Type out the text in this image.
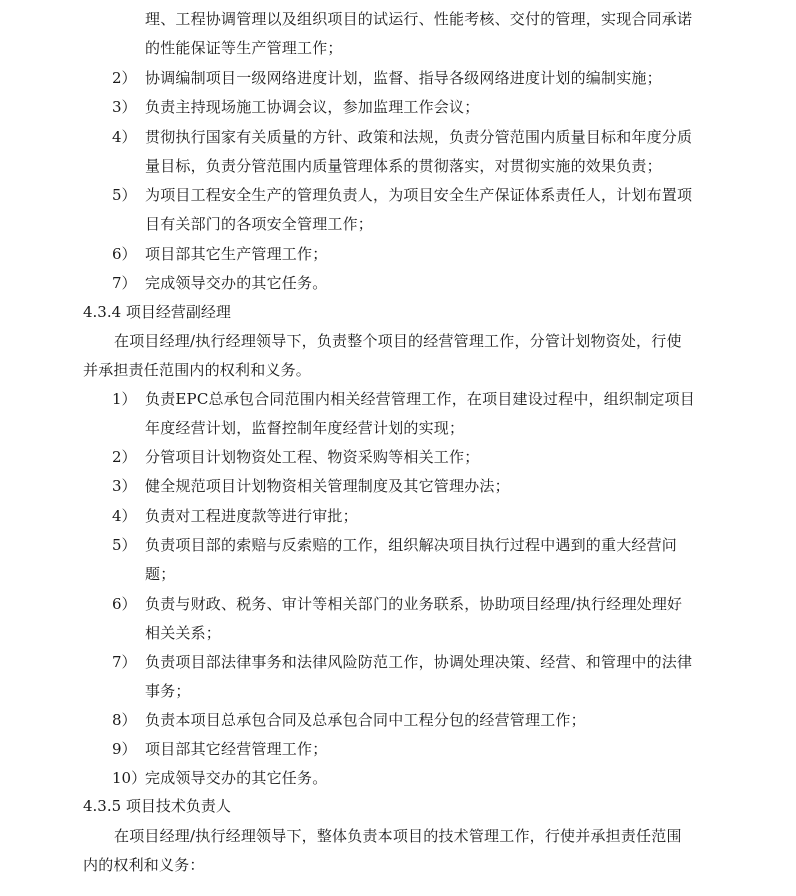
理、工程协调管理以及组织项目的试运行、性能考核、交付的管理，实现合同承诺
的性能保证等生产管理工作；
2） 协调编制项目一级网络进度计划，监督、指导各级网络进度计划的编制实施；
3） 负责主持现场施工协调会议，参加监理工作会议；
4） 贯彻执行国家有关质量的方针、政策和法规，负责分管范围内质量目标和年度分质
量目标，负责分管范围内质量管理体系的贯彻落实，对贯彻实施的效果负责；
5） 为项目工程安全生产的管理负责人，为项目安全生产保证体系责任人，计划布置项
目有关部门的各项安全管理工作；
6） 项目部其它生产管理工作；
7） 完成领导交办的其它任务。
4.3.4 项目经营副经理
在项目经理/执行经理领导下，负责整个项目的经营管理工作，分管计划物资处，行使
并承担责任范围内的权利和义务。
1） 负责EPC总承包合同范围内相关经营管理工作，在项目建设过程中，组织制定项目
年度经营计划，监督控制年度经营计划的实现；
2） 分管项目计划物资处工程、物资采购等相关工作；
3） 健全规范项目计划物资相关管理制度及其它管理办法；
4） 负责对工程进度款等进行审批；
5） 负责项目部的索赔与反索赔的工作，组织解决项目执行过程中遇到的重大经营问
题；
6） 负责与财政、税务、审计等相关部门的业务联系，协助项目经理/执行经理处理好
相关关系；
7） 负责项目部法律事务和法律风险防范工作，协调处理决策、经营、和管理中的法律
事务；
8） 负责本项目总承包合同及总承包合同中工程分包的经营管理工作；
9） 项目部其它经营管理工作；
10）
完成领导交办的其它任务。
4.3.5 项目技术负责人
在项目经理/执行经理领导下，整体负责本项目的技术管理工作，行使并承担责任范围
内的权利和义务：
